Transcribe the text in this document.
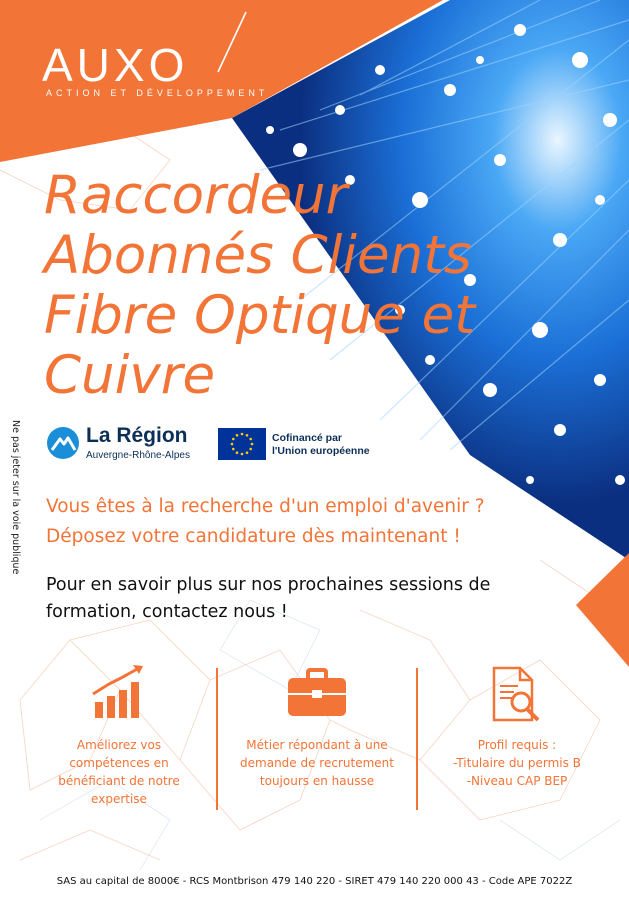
AUXO
ACTION ET DÉVELOPPEMENT
Raccordeur
Abonnés Clients
Fibre Optique et
Cuivre
Ne pas jeter sur la voie publique	La Région
Auvergne-Rhône-Alpes
Cofinancé par
l'Union européenne
Vous êtes à la recherche d'un emploi d'avenir ?
Déposez votre candidature dès maintenant !
Pour en savoir plus sur nos prochaines sessions de
formation, contactez nous !
Améliorez vos
compétences en
bénéficiant de notre
expertise
Métier répondant à une
demande de recrutement
toujours en hausse
Profil requis :
-Titulaire du permis B
-Niveau CAP BEP
SAS au capital de 8000€ - RCS Montbrison 479 140 220 - SIRET 479 140 220 000 43 - Code APE 7022Z
